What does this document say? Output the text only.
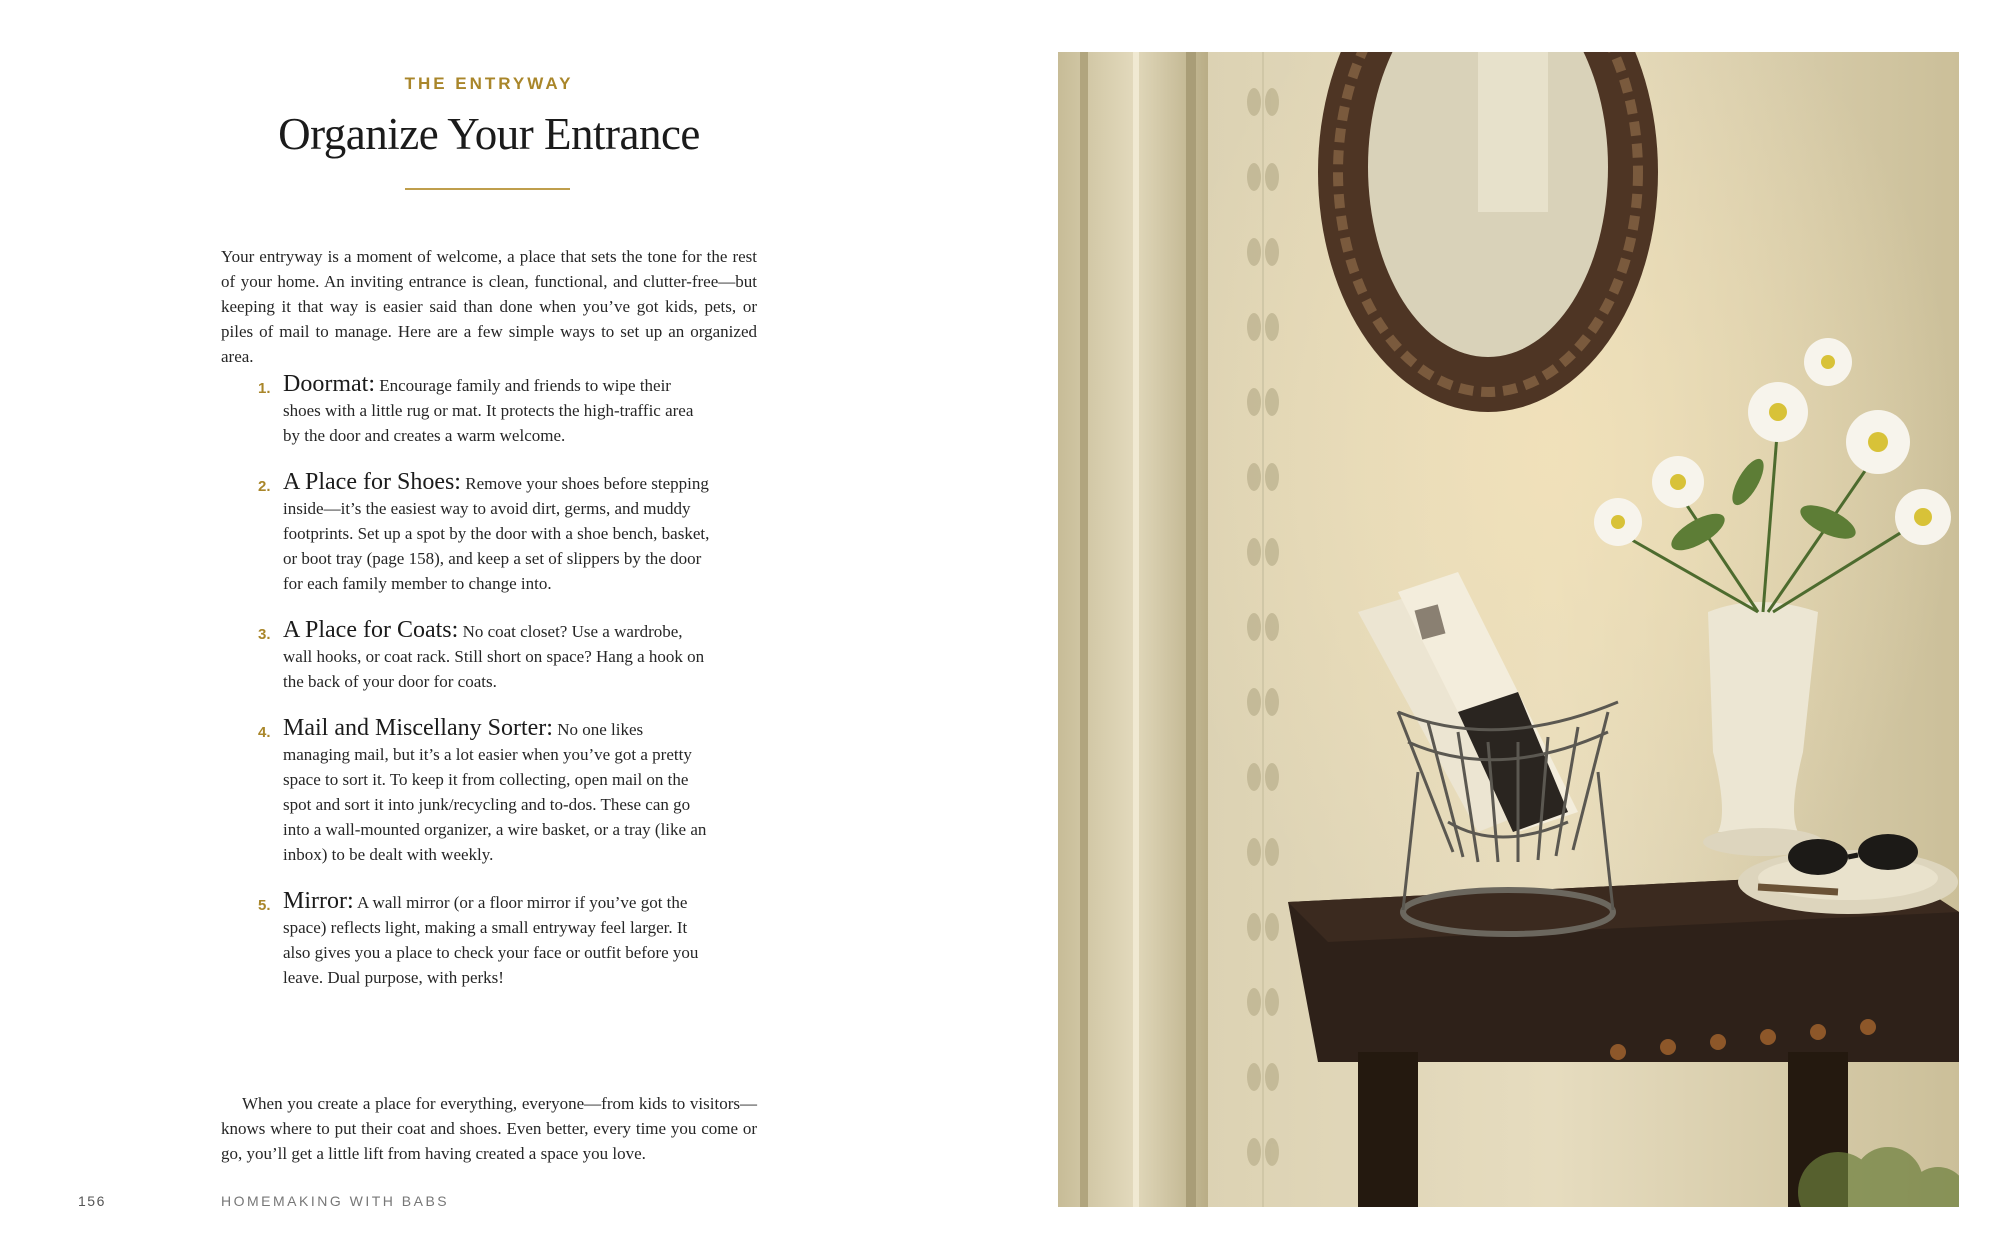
THE ENTRYWAY
Organize Your Entrance

Your entryway is a moment of welcome, a place that sets the tone for the rest of your home. An inviting entrance is clean, functional, and clutter-free—but keeping it that way is easier said than done when you’ve got kids, pets, or piles of mail to manage. Here are a few simple ways to set up an organized area.

1. Doormat: Encourage family and friends to wipe their shoes with a little rug or mat. It protects the high-traffic area by the door and creates a warm welcome.
2. A Place for Shoes: Remove your shoes before stepping inside—it’s the easiest way to avoid dirt, germs, and muddy footprints. Set up a spot by the door with a shoe bench, basket, or boot tray (page 158), and keep a set of slippers by the door for each family member to change into.
3. A Place for Coats: No coat closet? Use a wardrobe, wall hooks, or coat rack. Still short on space? Hang a hook on the back of your door for coats.
4. Mail and Miscellany Sorter: No one likes managing mail, but it’s a lot easier when you’ve got a pretty space to sort it. To keep it from collecting, open mail on the spot and sort it into junk/recycling and to-dos. These can go into a wall-mounted organizer, a wire basket, or a tray (like an inbox) to be dealt with weekly.
5. Mirror: A wall mirror (or a floor mirror if you’ve got the space) reflects light, making a small entryway feel larger. It also gives you a place to check your face or outfit before you leave. Dual purpose, with perks!

When you create a place for everything, everyone—from kids to visitors—knows where to put their coat and shoes. Even better, every time you come or go, you’ll get a little lift from having created a space you love.

156	HOMEMAKING WITH BABS
